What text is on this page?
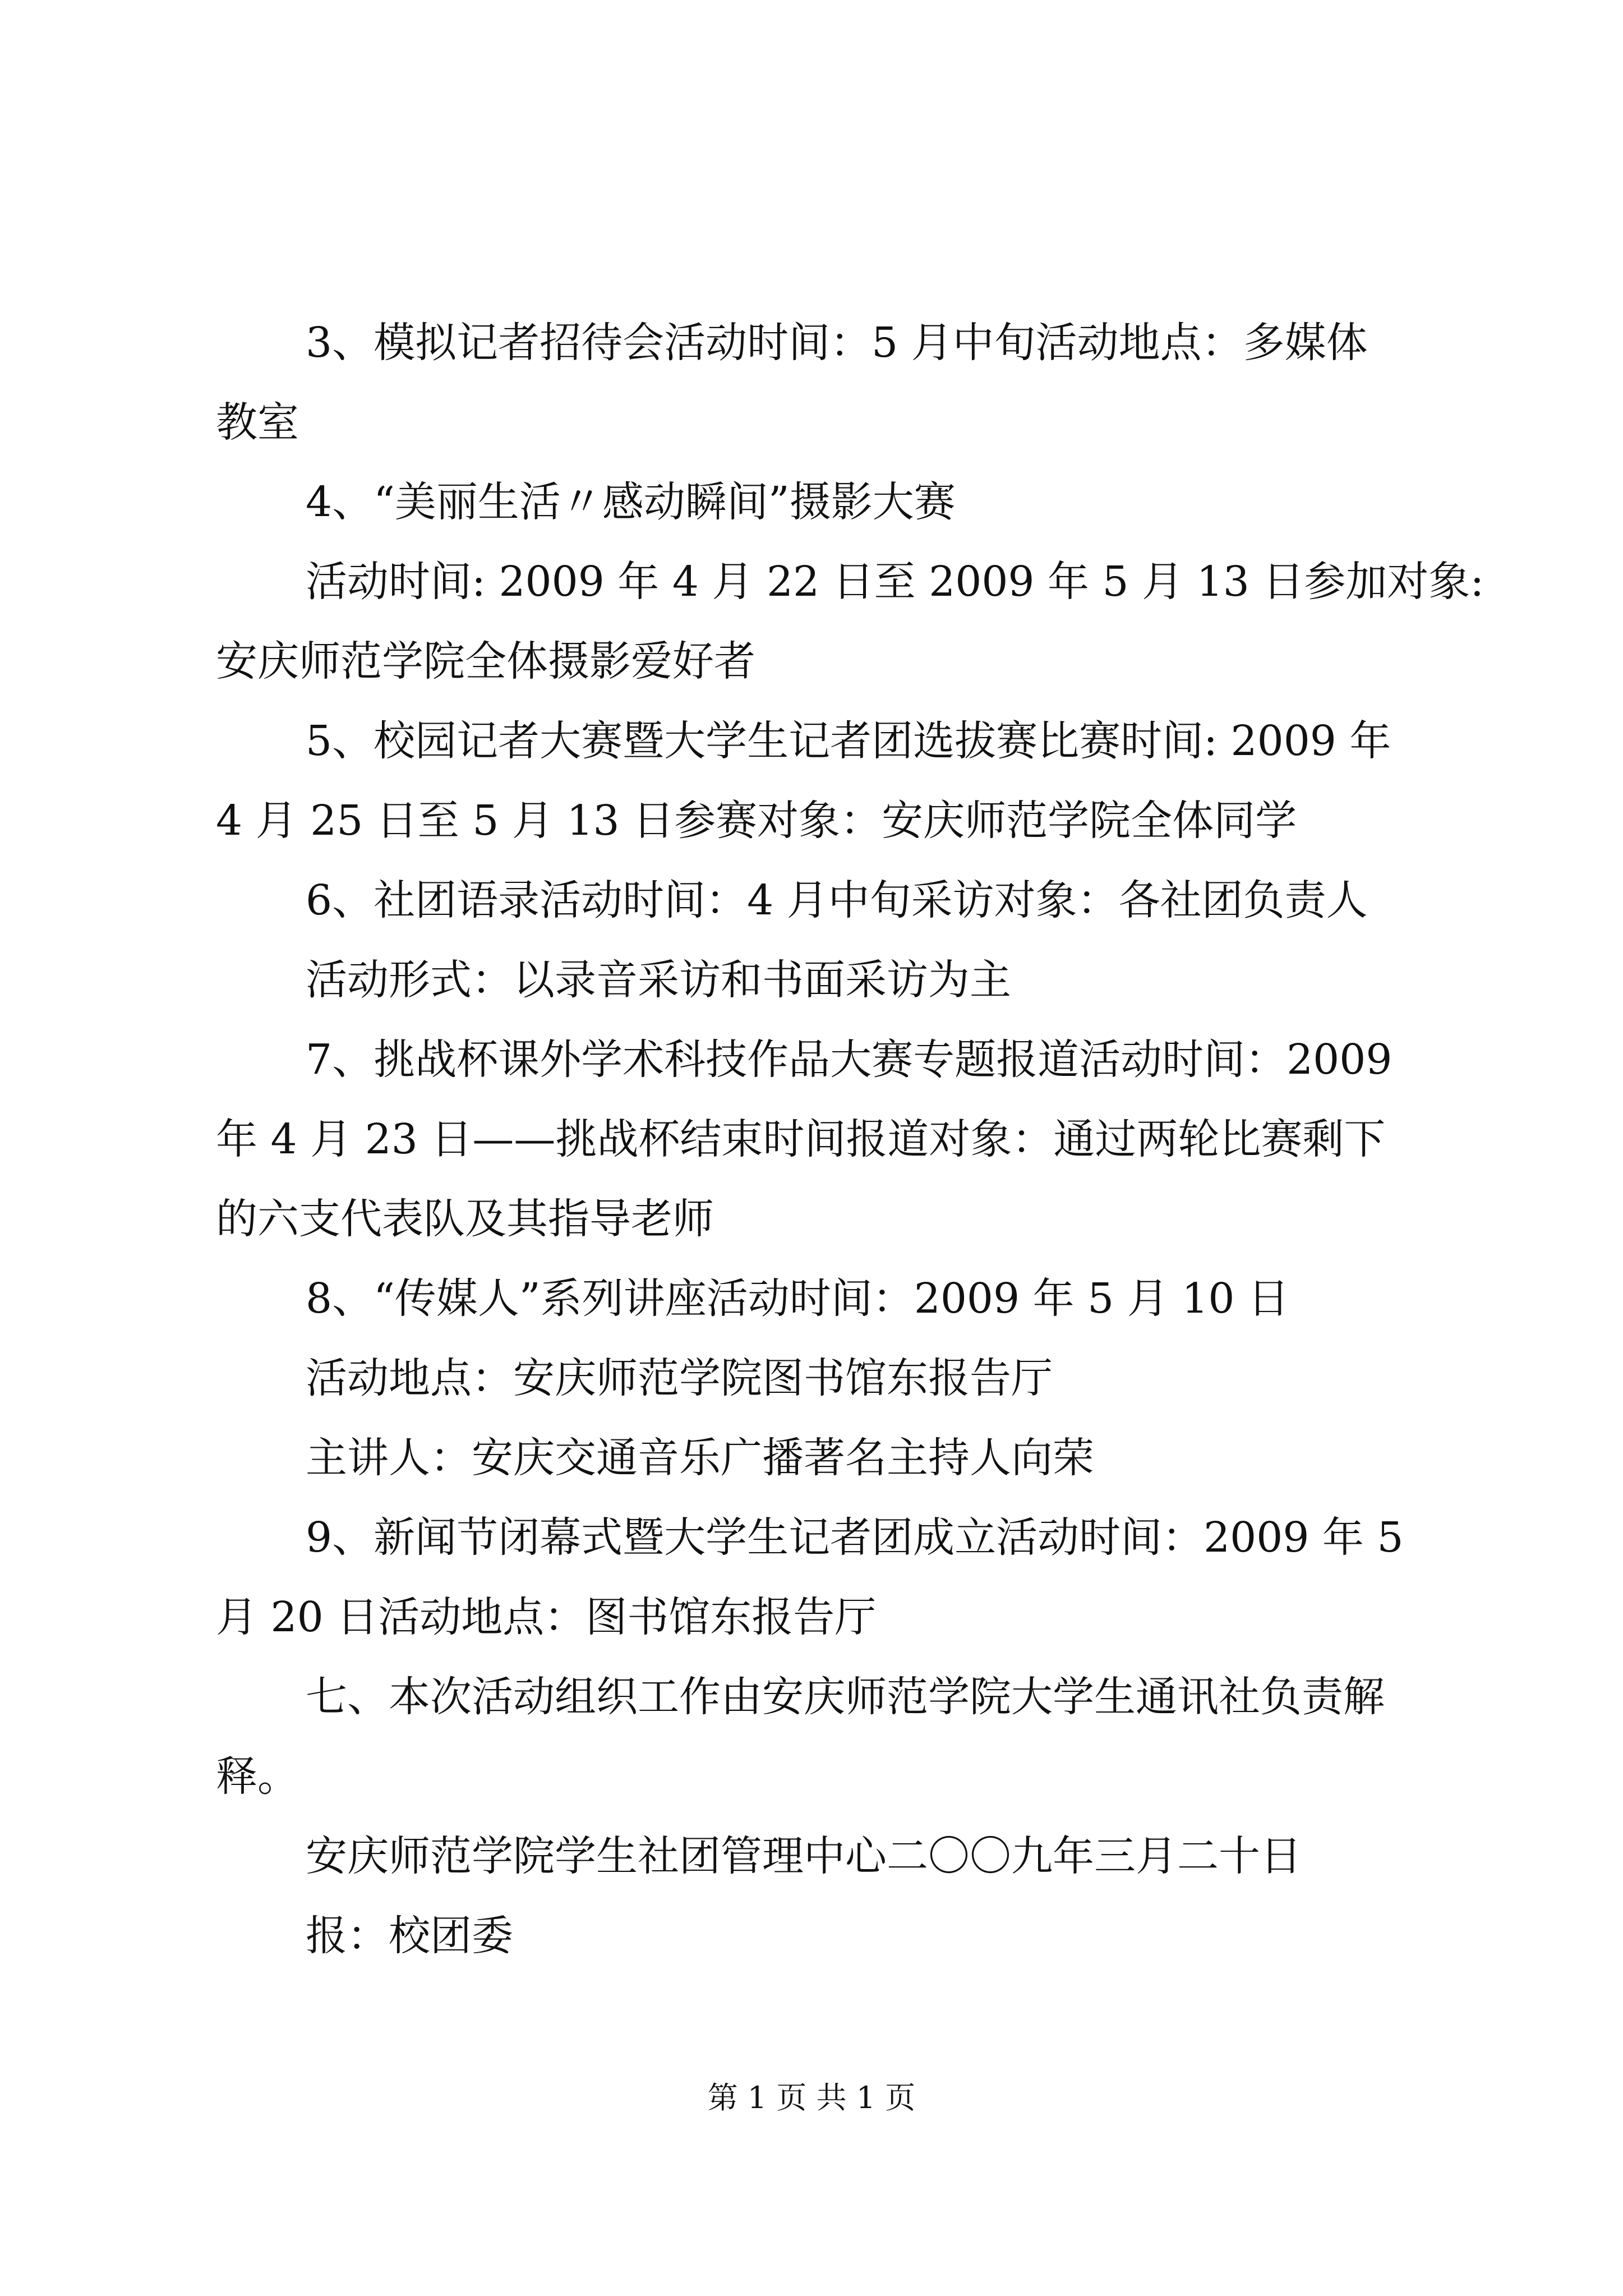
3、模拟记者招待会活动时间：5 月中旬活动地点：多媒体
教室
4、“美丽生活〃感动瞬间”摄影大赛
活动时间: 2009 年 4 月 22 日至 2009 年 5 月 13 日参加对象:
安庆师范学院全体摄影爱好者
5、校园记者大赛暨大学生记者团选拔赛比赛时间: 2009 年
4 月 25 日至 5 月 13 日参赛对象：安庆师范学院全体同学
6、社团语录活动时间：4 月中旬采访对象：各社团负责人
活动形式：以录音采访和书面采访为主
7、挑战杯课外学术科技作品大赛专题报道活动时间：2009
年 4 月 23 日——挑战杯结束时间报道对象：通过两轮比赛剩下
的六支代表队及其指导老师
8、“传媒人”系列讲座活动时间：2009 年 5 月 10 日
活动地点：安庆师范学院图书馆东报告厅
主讲人：安庆交通音乐广播著名主持人向荣
9、新闻节闭幕式暨大学生记者团成立活动时间：2009 年 5
月 20 日活动地点：图书馆东报告厅
七、本次活动组织工作由安庆师范学院大学生通讯社负责解
释。
安庆师范学院学生社团管理中心二〇〇九年三月二十日
报：校团委
第 1 页 共 1 页
